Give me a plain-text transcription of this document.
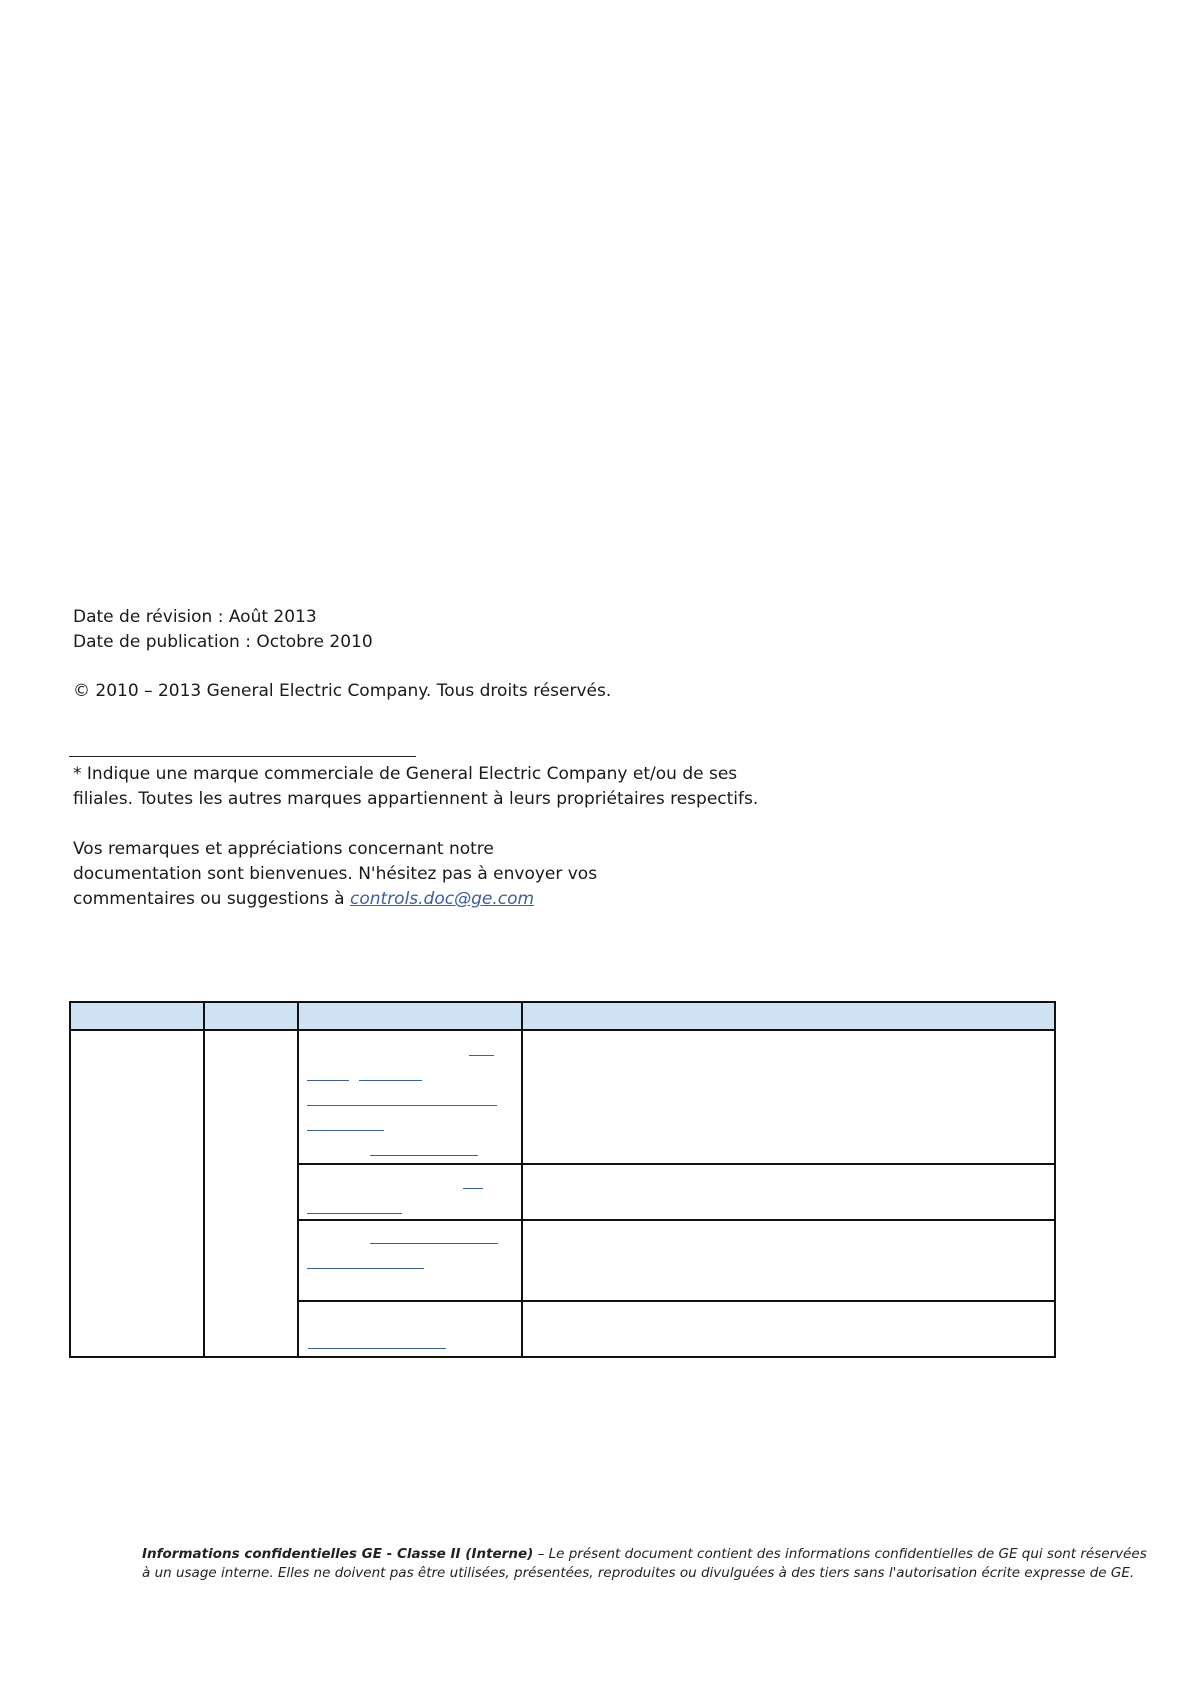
Date de révision : Août 2013
Date de publication : Octobre 2010
© 2010 – 2013 General Electric Company. Tous droits réservés.
* Indique une marque commerciale de General Electric Company et/ou de ses
filiales. Toutes les autres marques appartiennent à leurs propriétaires respectifs.
Vos remarques et appréciations concernant notre
documentation sont bienvenues. N'hésitez pas à envoyer vos
commentaires ou suggestions à controls.doc@ge.com

Informations confidentielles GE - Classe II (Interne) – Le présent document contient des informations confidentielles de GE qui sont réservées
à un usage interne. Elles ne doivent pas être utilisées, présentées, reproduites ou divulguées à des tiers sans l'autorisation écrite expresse de GE.
